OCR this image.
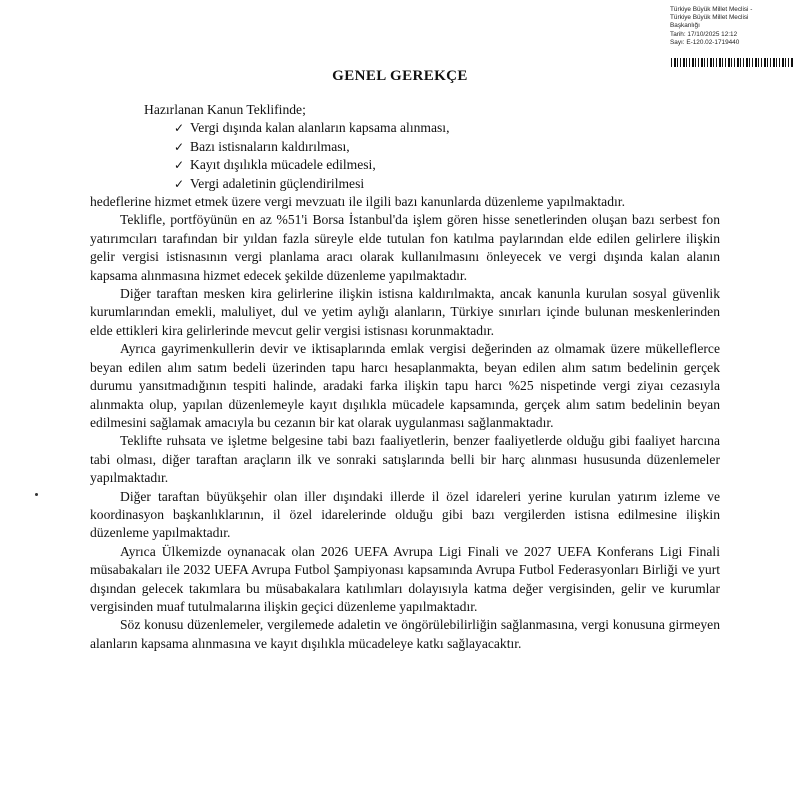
Türkiye Büyük Millet Meclisi -
Türkiye Büyük Millet Meclisi
Başkanlığı
Tarih: 17/10/2025 12:12
Sayı: E-120.02-1719440
GENEL GEREKÇE

Hazırlanan Kanun Teklifinde;

✓ Vergi dışında kalan alanların kapsama alınması,
✓ Bazı istisnaların kaldırılması,
✓ Kayıt dışılıkla mücadele edilmesi,
✓ Vergi adaletinin güçlendirilmesi

hedeflerine hizmet etmek üzere vergi mevzuatı ile ilgili bazı kanunlarda düzenleme yapılmaktadır.

Teklifle, portföyünün en az %51'i Borsa İstanbul'da işlem gören hisse senetlerinden oluşan bazı serbest fon yatırımcıları tarafından bir yıldan fazla süreyle elde tutulan fon katılma paylarından elde edilen gelirlere ilişkin gelir vergisi istisnasının vergi planlama aracı olarak kullanılmasını önleyecek ve vergi dışında kalan alanın kapsama alınmasına hizmet edecek şekilde düzenleme yapılmaktadır.

Diğer taraftan mesken kira gelirlerine ilişkin istisna kaldırılmakta, ancak kanunla kurulan sosyal güvenlik kurumlarından emekli, maluliyet, dul ve yetim aylığı alanların, Türkiye sınırları içinde bulunan meskenlerinden elde ettikleri kira gelirlerinde mevcut gelir vergisi istisnası korunmaktadır.

Ayrıca gayrimenkullerin devir ve iktisaplarında emlak vergisi değerinden az olmamak üzere mükelleflerce beyan edilen alım satım bedeli üzerinden tapu harcı hesaplanmakta, beyan edilen alım satım bedelinin gerçek durumu yansıtmadığının tespiti halinde, aradaki farka ilişkin tapu harcı %25 nispetinde vergi ziyaı cezasıyla alınmakta olup, yapılan düzenlemeyle kayıt dışılıkla mücadele kapsamında, gerçek alım satım bedelinin beyan edilmesini sağlamak amacıyla bu cezanın bir kat olarak uygulanması sağlanmaktadır.

Teklifte ruhsata ve işletme belgesine tabi bazı faaliyetlerin, benzer faaliyetlerde olduğu gibi faaliyet harcına tabi olması, diğer taraftan araçların ilk ve sonraki satışlarında belli bir harç alınması hususunda düzenlemeler yapılmaktadır.

Diğer taraftan büyükşehir olan iller dışındaki illerde il özel idareleri yerine kurulan yatırım izleme ve koordinasyon başkanlıklarının, il özel idarelerinde olduğu gibi bazı vergilerden istisna edilmesine ilişkin düzenleme yapılmaktadır.

Ayrıca Ülkemizde oynanacak olan 2026 UEFA Avrupa Ligi Finali ve 2027 UEFA Konferans Ligi Finali müsabakaları ile 2032 UEFA Avrupa Futbol Şampiyonası kapsamında Avrupa Futbol Federasyonları Birliği ve yurt dışından gelecek takımlara bu müsabakalara katılımları dolayısıyla katma değer vergisinden, gelir ve kurumlar vergisinden muaf tutulmalarına ilişkin geçici düzenleme yapılmaktadır.

Söz konusu düzenlemeler, vergilemede adaletin ve öngörülebilirliğin sağlanmasına, vergi konusuna girmeyen alanların kapsama alınmasına ve kayıt dışılıkla mücadeleye katkı sağlayacaktır.
